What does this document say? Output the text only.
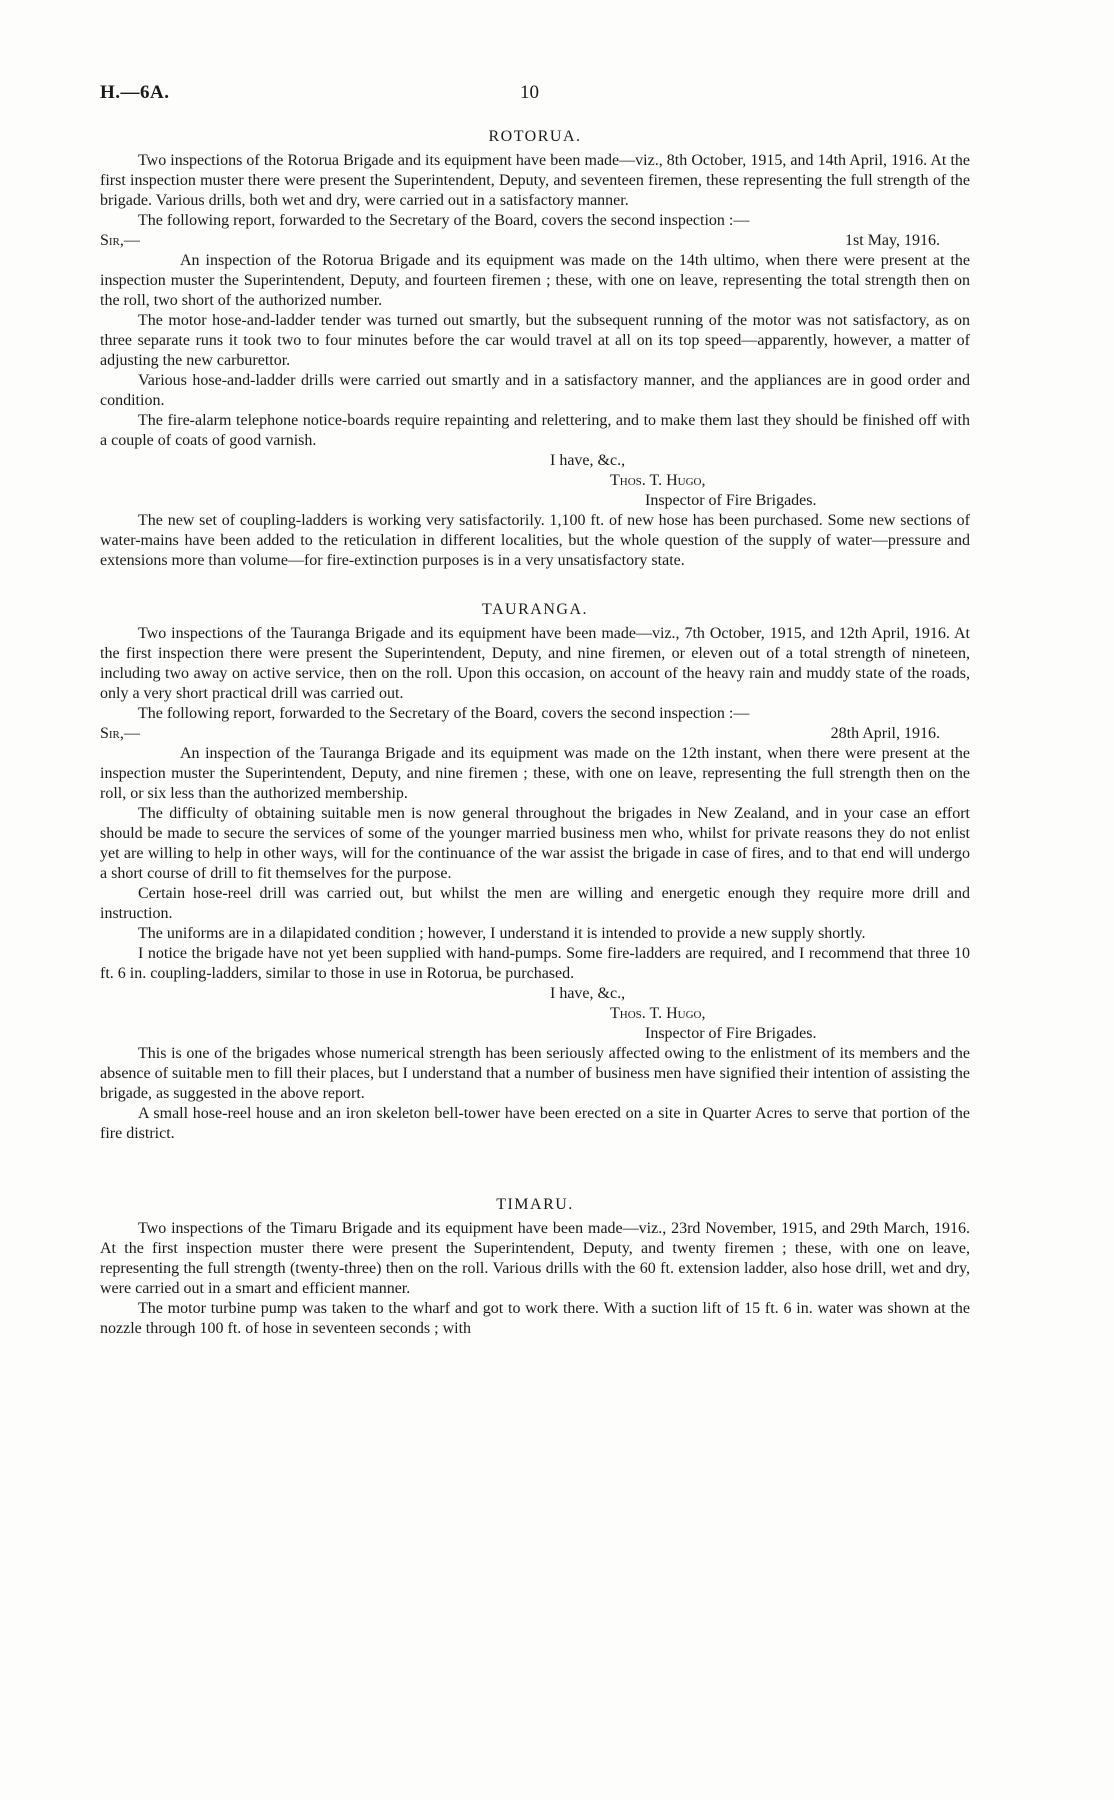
H.—6A.	10
ROTORUA.

Two inspections of the Rotorua Brigade and its equipment have been made—viz., 8th October, 1915, and 14th April, 1916. At the first inspection muster there were present the Superintendent, Deputy, and seventeen firemen, these representing the full strength of the brigade. Various drills, both wet and dry, were carried out in a satisfactory manner.

The following report, forwarded to the Secretary of the Board, covers the second inspection :—

Sir,—	1st May, 1916.

An inspection of the Rotorua Brigade and its equipment was made on the 14th ultimo, when there were present at the inspection muster the Superintendent, Deputy, and fourteen firemen ; these, with one on leave, representing the total strength then on the roll, two short of the authorized number.

The motor hose-and-ladder tender was turned out smartly, but the subsequent running of the motor was not satisfactory, as on three separate runs it took two to four minutes before the car would travel at all on its top speed—apparently, however, a matter of adjusting the new carburettor.

Various hose-and-ladder drills were carried out smartly and in a satisfactory manner, and the appliances are in good order and condition.

The fire-alarm telephone notice-boards require repainting and relettering, and to make them last they should be finished off with a couple of coats of good varnish.

I have, &c.,
Thos. T. Hugo,
Inspector of Fire Brigades.

The new set of coupling-ladders is working very satisfactorily. 1,100 ft. of new hose has been purchased. Some new sections of water-mains have been added to the reticulation in different localities, but the whole question of the supply of water—pressure and extensions more than volume—for fire-extinction purposes is in a very unsatisfactory state.

TAURANGA.

Two inspections of the Tauranga Brigade and its equipment have been made—viz., 7th October, 1915, and 12th April, 1916. At the first inspection there were present the Superintendent, Deputy, and nine firemen, or eleven out of a total strength of nineteen, including two away on active service, then on the roll. Upon this occasion, on account of the heavy rain and muddy state of the roads, only a very short practical drill was carried out.

The following report, forwarded to the Secretary of the Board, covers the second inspection :—

Sir,—	28th April, 1916.

An inspection of the Tauranga Brigade and its equipment was made on the 12th instant, when there were present at the inspection muster the Superintendent, Deputy, and nine firemen ; these, with one on leave, representing the full strength then on the roll, or six less than the authorized membership.

The difficulty of obtaining suitable men is now general throughout the brigades in New Zealand, and in your case an effort should be made to secure the services of some of the younger married business men who, whilst for private reasons they do not enlist yet are willing to help in other ways, will for the continuance of the war assist the brigade in case of fires, and to that end will undergo a short course of drill to fit themselves for the purpose.

Certain hose-reel drill was carried out, but whilst the men are willing and energetic enough they require more drill and instruction.

The uniforms are in a dilapidated condition ; however, I understand it is intended to provide a new supply shortly.

I notice the brigade have not yet been supplied with hand-pumps. Some fire-ladders are required, and I recommend that three 10 ft. 6 in. coupling-ladders, similar to those in use in Rotorua, be purchased.

I have, &c.,
Thos. T. Hugo,
Inspector of Fire Brigades.

This is one of the brigades whose numerical strength has been seriously affected owing to the enlistment of its members and the absence of suitable men to fill their places, but I understand that a number of business men have signified their intention of assisting the brigade, as suggested in the above report.

A small hose-reel house and an iron skeleton bell-tower have been erected on a site in Quarter Acres to serve that portion of the fire district.

TIMARU.

Two inspections of the Timaru Brigade and its equipment have been made—viz., 23rd November, 1915, and 29th March, 1916. At the first inspection muster there were present the Superintendent, Deputy, and twenty firemen ; these, with one on leave, representing the full strength (twenty-three) then on the roll. Various drills with the 60 ft. extension ladder, also hose drill, wet and dry, were carried out in a smart and efficient manner.

The motor turbine pump was taken to the wharf and got to work there. With a suction lift of 15 ft. 6 in. water was shown at the nozzle through 100 ft. of hose in seventeen seconds ; with
